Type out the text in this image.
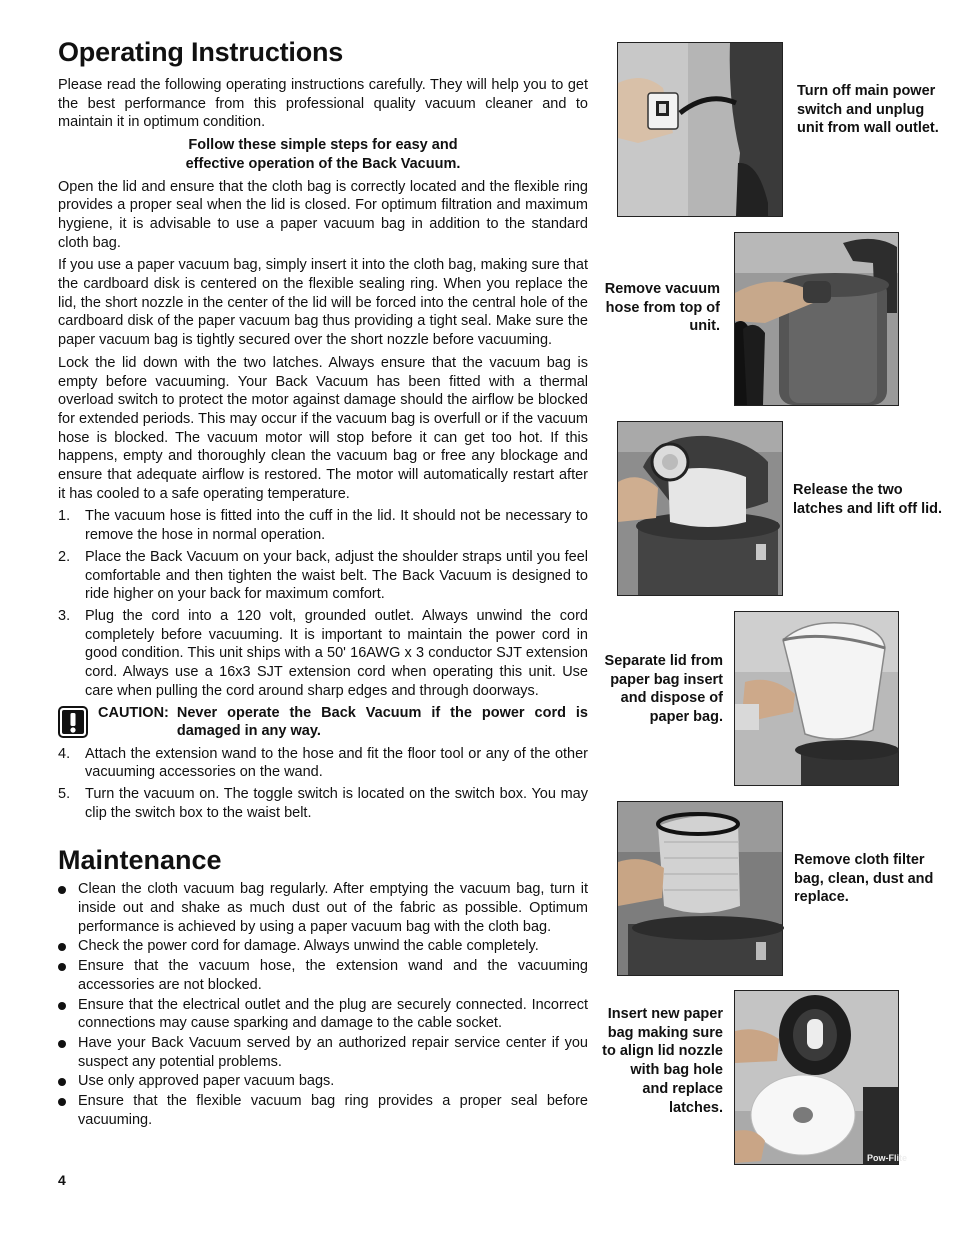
Operating Instructions

Please read the following operating instructions carefully. They will help you to get the best performance from this professional quality vacuum cleaner and to maintain it in optimum condition.

Follow these simple steps for easy and
effective operation of the Back Vacuum.

Open the lid and ensure that the cloth bag is correctly located and the flexible ring provides a proper seal when the lid is closed. For optimum filtration and maximum hygiene, it is advisable to use a paper vacuum bag in addition to the standard cloth bag.

If you use a paper vacuum bag, simply insert it into the cloth bag, making sure that the cardboard disk is centered on the flexible sealing ring. When you replace the lid, the short nozzle in the center of the lid will be forced into the central hole of the cardboard disk of the paper vacuum bag thus providing a tight seal. Make sure the paper vacuum bag is tightly secured over the short nozzle before vacuuming.

Lock the lid down with the two latches. Always ensure that the vacuum bag is empty before vacuuming. Your Back Vacuum has been fitted with a thermal overload switch to protect the motor against damage should the airflow be blocked for extended periods. This may occur if the vacuum bag is overfull or if the vacuum hose is blocked. The vacuum motor will stop before it can get too hot. If this happens, empty and thoroughly clean the vacuum bag or free any blockage and ensure that adequate airflow is restored. The motor will automatically restart after it has cooled to a safe operating temperature.

1. The vacuum hose is fitted into the cuff in the lid. It should not be necessary to remove the hose in normal operation.
2. Place the Back Vacuum on your back, adjust the shoulder straps until you feel comfortable and then tighten the waist belt. The Back Vacuum is designed to ride higher on your back for maximum comfort.
3. Plug the cord into a 120 volt, grounded outlet. Always unwind the cord completely before vacuuming. It is important to maintain the power cord in good condition. This unit ships with a 50' 16AWG x 3 conductor SJT extension cord. Always use a 16x3 SJT extension cord when operating this unit. Use care when pulling the cord around sharp edges and through doorways.
CAUTION: Never operate the Back Vacuum if the power cord is damaged in any way.
4. Attach the extension wand to the hose and fit the floor tool or any of the other vacuuming accessories on the wand.
5. Turn the vacuum on. The toggle switch is located on the switch box. You may clip the switch box to the waist belt.
Maintenance
Clean the cloth vacuum bag regularly. After emptying the vacuum bag, turn it inside out and shake as much dust out of the fabric as possible. Optimum performance is achieved by using a paper vacuum bag with the cloth bag.
Check the power cord for damage. Always unwind the cable completely.
Ensure that the vacuum hose, the extension wand and the vacuuming accessories are not blocked.
Ensure that the electrical outlet and the plug are securely connected. Incorrect connections may cause sparking and damage to the cable socket.
Have your Back Vacuum served by an authorized repair service center if you suspect any potential problems.
Use only approved paper vacuum bags.
Ensure that the flexible vacuum bag ring provides a proper seal before vacuuming.
4
Turn off main power switch and unplug unit from wall outlet.
Remove vacuum hose from top of unit.
Release the two latches and lift off lid.
Separate lid from paper bag insert and dispose of paper bag.
Remove cloth filter bag, clean, dust and replace.
Pow-Flite
Insert new paper bag making sure to align lid nozzle with bag hole and replace latches.
